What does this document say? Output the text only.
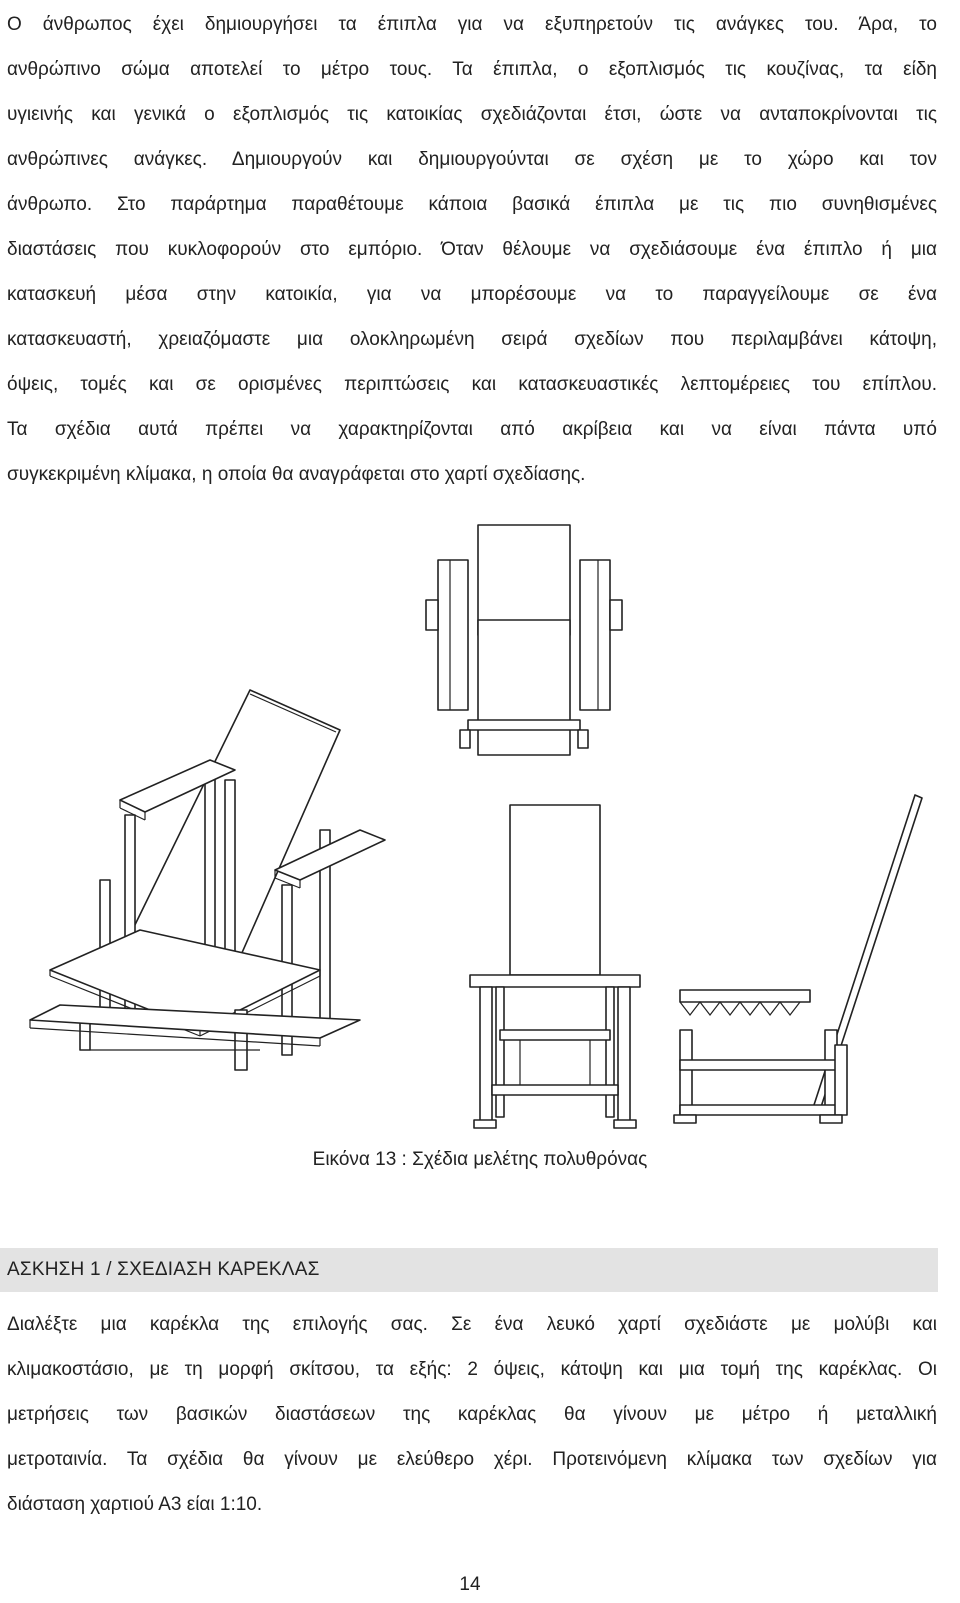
Ο άνθρωπος έχει δημιουργήσει τα έπιπλα για να εξυπηρετούν τις ανάγκες του. Άρα, το
ανθρώπινο σώμα αποτελεί το μέτρο τους. Τα έπιπλα, ο εξοπλισμός τις κουζίνας, τα είδη
υγιεινής και γενικά ο εξοπλισμός τις κατοικίας σχεδιάζονται έτσι, ώστε να ανταποκρίνονται τις
ανθρώπινες ανάγκες. Δημιουργούν και δημιουργούνται σε σχέση με το χώρο και τον
άνθρωπο. Στο παράρτημα παραθέτουμε κάποια βασικά έπιπλα με τις πιο συνηθισμένες
διαστάσεις που κυκλοφορούν στο εμπόριο. Όταν θέλουμε να σχεδιάσουμε ένα έπιπλο ή μια
κατασκευή μέσα στην κατοικία, για να μπορέσουμε να το παραγγείλουμε σε ένα
κατασκευαστή, χρειαζόμαστε μια ολοκληρωμένη σειρά σχεδίων που περιλαμβάνει κάτοψη,
όψεις, τομές και σε ορισμένες περιπτώσεις και κατασκευαστικές λεπτομέρειες του επίπλου.
Τα σχέδια αυτά πρέπει να χαρακτηρίζονται από ακρίβεια και να είναι πάντα υπό
συγκεκριμένη κλίμακα, η οποία θα αναγράφεται στο χαρτί σχεδίασης.

Εικόνα 13 : Σχέδια μελέτης πολυθρόνας
ΑΣΚΗΣΗ 1 / ΣΧΕΔΙΑΣΗ ΚΑΡΕΚΛΑΣ

Διαλέξτε μια καρέκλα της επιλογής σας. Σε ένα λευκό χαρτί σχεδιάστε με μολύβι και
κλιμακοστάσιο, με τη μορφή σκίτσου, τα εξής: 2 όψεις, κάτοψη και μια τομή της καρέκλας. Οι
μετρήσεις των βασικών διαστάσεων της καρέκλας θα γίνουν με μέτρο ή μεταλλική
μετροταινία. Τα σχέδια θα γίνουν με ελεύθερο χέρι. Προτεινόμενη κλίμακα των σχεδίων για
διάσταση χαρτιού Α3 είαι 1:10.

14
